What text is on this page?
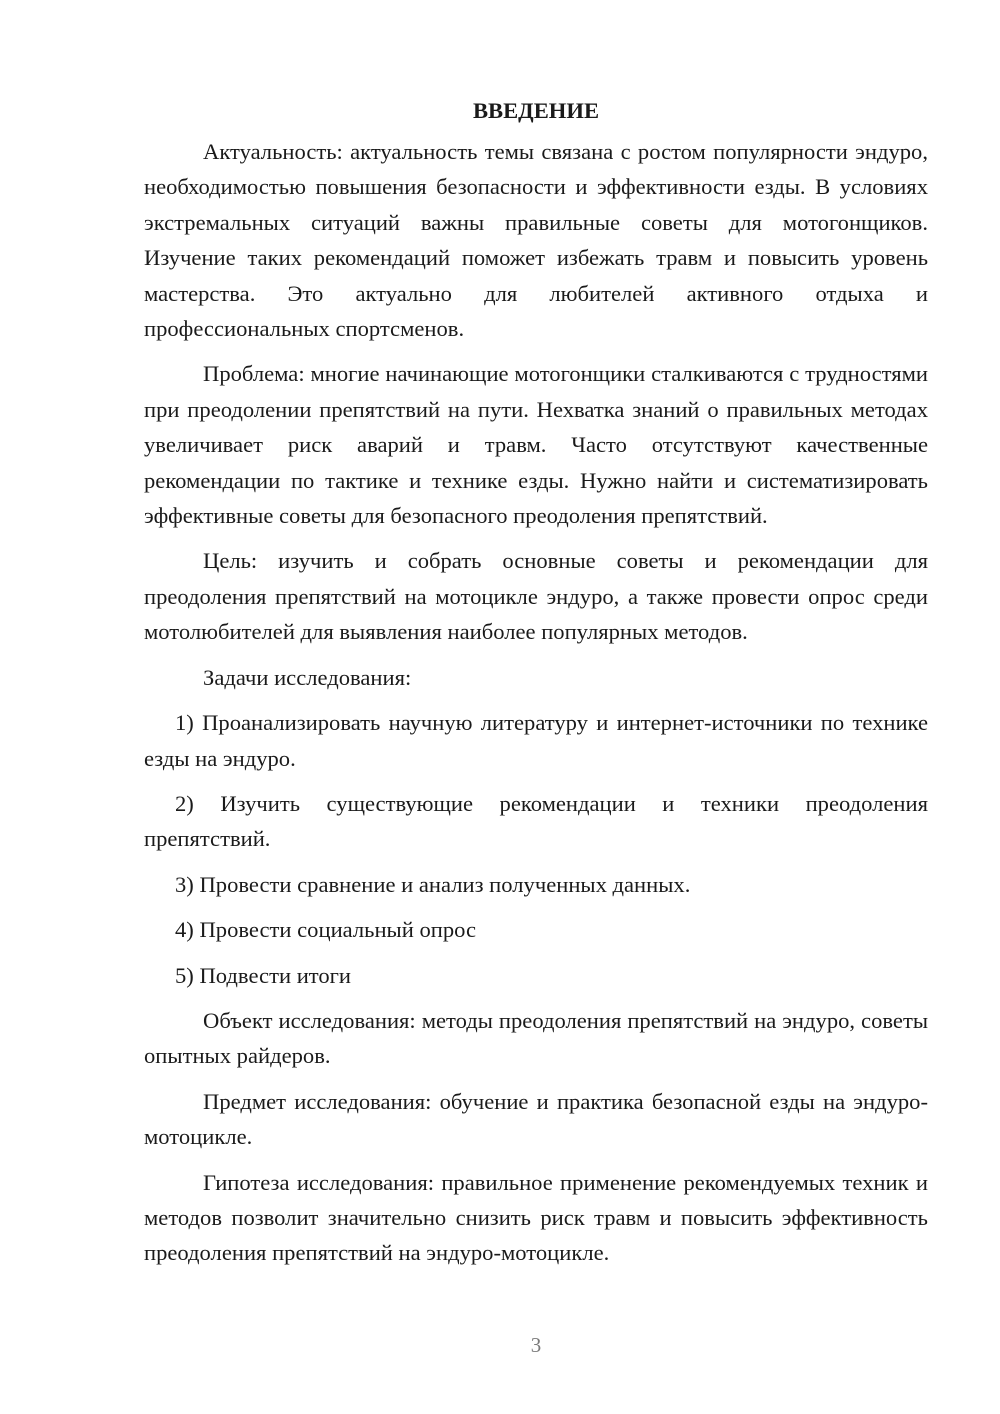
ВВЕДЕНИЕ

Актуальность: актуальность темы связана с ростом популярности эндуро, необходимостью повышения безопасности и эффективности езды. В условиях экстремальных ситуаций важны правильные советы для мотогонщиков. Изучение таких рекомендаций поможет избежать травм и повысить уровень мастерства. Это актуально для любителей активного отдыха и профессиональных спортсменов.

Проблема: многие начинающие мотогонщики сталкиваются с трудностями при преодолении препятствий на пути. Нехватка знаний о правильных методах увеличивает риск аварий и травм. Часто отсутствуют качественные рекомендации по тактике и технике езды. Нужно найти и систематизировать эффективные советы для безопасного преодоления препятствий.

Цель: изучить и собрать основные советы и рекомендации для преодоления препятствий на мотоцикле эндуро, а также провести опрос среди мотолюбителей для выявления наиболее популярных методов.

Задачи исследования:

1) Проанализировать научную литературу и интернет-источники по технике езды на эндуро.

2) Изучить существующие рекомендации и техники преодоления препятствий.

3) Провести сравнение и анализ полученных данных.

4) Провести социальный опрос

5) Подвести итоги

Объект исследования: методы преодоления препятствий на эндуро, советы опытных райдеров.

Предмет исследования: обучение и практика безопасной езды на эндуро-мотоцикле.

Гипотеза исследования: правильное применение рекомендуемых техник и методов позволит значительно снизить риск травм и повысить эффективность преодоления препятствий на эндуро-мотоцикле.

3
